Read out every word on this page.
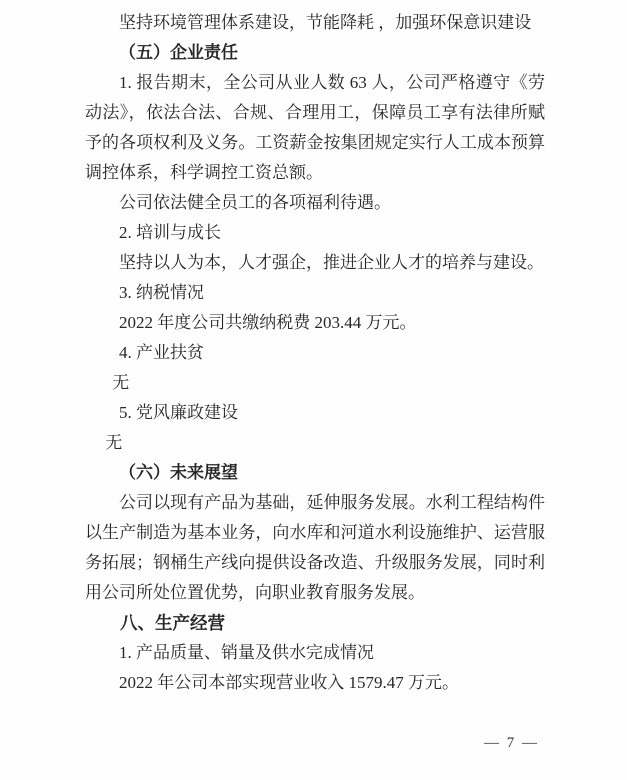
坚持环境管理体系建设，节能降耗 ，加强环保意识建设

（五）企业责任

1. 报告期末，全公司从业人数 63 人，公司严格遵守《劳动法》，依法合法、合规、合理用工，保障员工享有法律所赋予的各项权利及义务。工资薪金按集团规定实行人工成本预算调控体系，科学调控工资总额。

公司依法健全员工的各项福利待遇。

2. 培训与成长

坚持以人为本，人才强企，推进企业人才的培养与建设。

3. 纳税情况

2022 年度公司共缴纳税费 203.44 万元。

4. 产业扶贫

无

5. 党风廉政建设

无

（六）未来展望

公司以现有产品为基础，延伸服务发展。水利工程结构件以生产制造为基本业务，向水库和河道水利设施维护、运营服务拓展；钢桶生产线向提供设备改造、升级服务发展，同时利用公司所处位置优势，向职业教育服务发展。

八、生产经营

1. 产品质量、销量及供水完成情况

2022 年公司本部实现营业收入 1579.47 万元。

— 7 —
